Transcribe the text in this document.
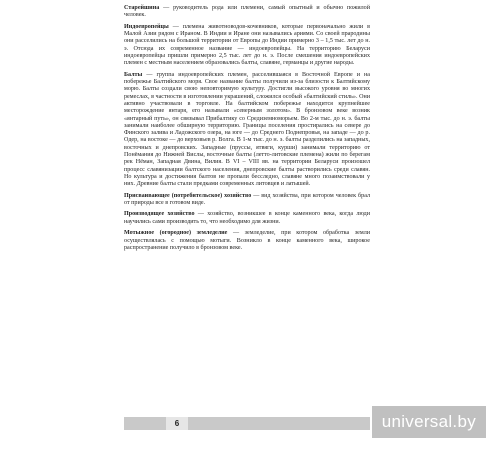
Старейшина — руководитель рода или племени, самый опытный и обычно пожилой человек.

Индоевропейцы — племена животноводов-кочевников, которые первоначально жили в Малой Азии рядом с Ираном. В Индии и Иране они назывались ариями. Со своей прародины они расселились на большой территории от Европы до Индии примерно 3 – 1,5 тыс. лет до н. э. Отсюда их современное название — индоевропейцы. На территорию Беларуси индоевропейцы пришли примерно 2,5 тыс. лет до н. э. После смешения индоевропейских племен с местным населением образовались балты, славяне, германцы и другие народы.

Балты — группа индоевропейских племен, расселившаяся в Восточной Европе и на побережье Балтийского моря. Свое название балты получили из-за близости к Балтийскому морю. Балты создали свою неповторимую культуру. Достигли высокого уровня во многих ремеслах, в частности в изготовлении украшений, сложился особый «балтийский стиль». Они активно участвовали в торговле. На балтийском побережье находится крупнейшее месторождение янтаря, его называли «северным золотом». В бронзовом веке возник «янтарный путь», он связывал Прибалтику со Средиземноморьем. Во 2-м тыс. до н. э. балты занимали наиболее обширную территорию. Границы поселения простирались на севере до Финского залива и Ладожского озера, на юге — до Среднего Поднепровья, на западе — до р. Одер, на востоке — до верховьев р. Волга. В 1-м тыс. до н. э. балты разделились на западных, восточных и днепровских. Западные (пруссы, ятвяги, курши) занимали территорию от Понёмания до Нижней Вислы, восточные балты (летто-литовские племена) жили по берегам рек Нёман, Западная Двина, Вилия. В VI – VIII вв. на территории Беларуси произошел процесс славянизации балтского населения, днепровские балты растворились среди славян. Но культура и достижения балтов не пропали бесследно, славяне много позаимствовали у них. Древние балты стали предками современных литовцев и латышей.

Присваивающее (потребительское) хозяйство — вид хозяйства, при котором человек брал от природы все в готовом виде.

Производящее хозяйство — хозяйство, возникшее в конце каменного века, когда люди научились сами производить то, что необходимо для жизни.

Мотыжное (огородное) земледелие — земледелие, при котором обработка земли осуществлялась с помощью мотыги. Возникло в конце каменного века, широкое распространение получило в бронзовом веке.

6	universal.by
